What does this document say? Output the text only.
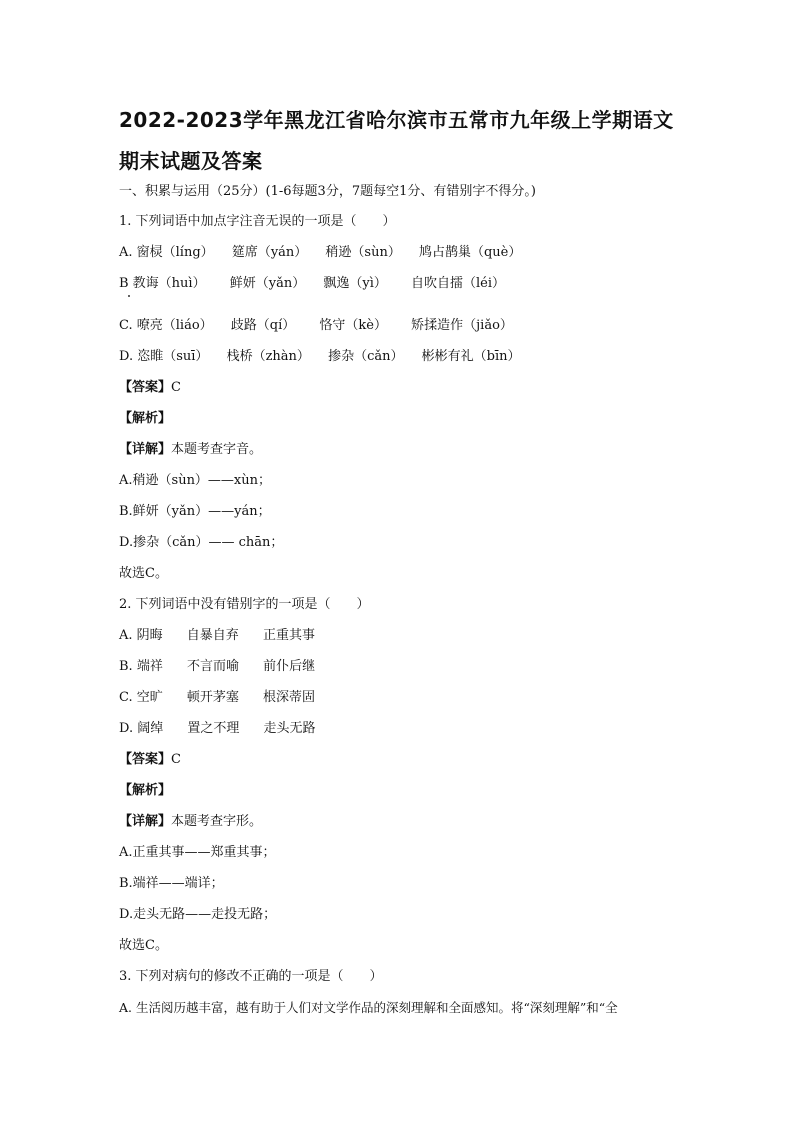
2022-2023学年黑龙江省哈尔滨市五常市九年级上学期语文
期末试题及答案
一、积累与运用（25分）(1-6每题3分，7题每空1分、有错别字不得分。)
1. 下列词语中加点字注音无误的一项是（　　）
A. 窗棂（líng） 筵席（yán） 稍逊（sùn） 鸠占鹊巢（què）
B 教诲（huì） 鲜妍（yǎn） 飘逸（yì） 自吹自擂（léi）
C. 嘹亮（liáo） 歧路（qí） 恪守（kè） 矫揉造作（jiǎo）
D. 恣睢（suī） 栈桥（zhàn） 掺杂（cǎn） 彬彬有礼（bīn）
【答案】C
【解析】
【详解】本题考查字音。
A.稍逊（sùn）——xùn；
B.鲜妍（yǎn）——yán；
D.掺杂（cǎn）—— chān；
故选C。
2. 下列词语中没有错别字的一项是（　　）
A. 阴晦 自暴自弃 正重其事
B. 端祥 不言而喻 前仆后继
C. 空旷 顿开茅塞 根深蒂固
D. 阔绰 置之不理 走头无路
【答案】C
【解析】
【详解】本题考查字形。
A.正重其事——郑重其事；
B.端祥——端详；
D.走头无路——走投无路；
故选C。
3. 下列对病句的修改不正确的一项是（　　）
A. 生活阅历越丰富，越有助于人们对文学作品的深刻理解和全面感知。将“深刻理解”和“全
